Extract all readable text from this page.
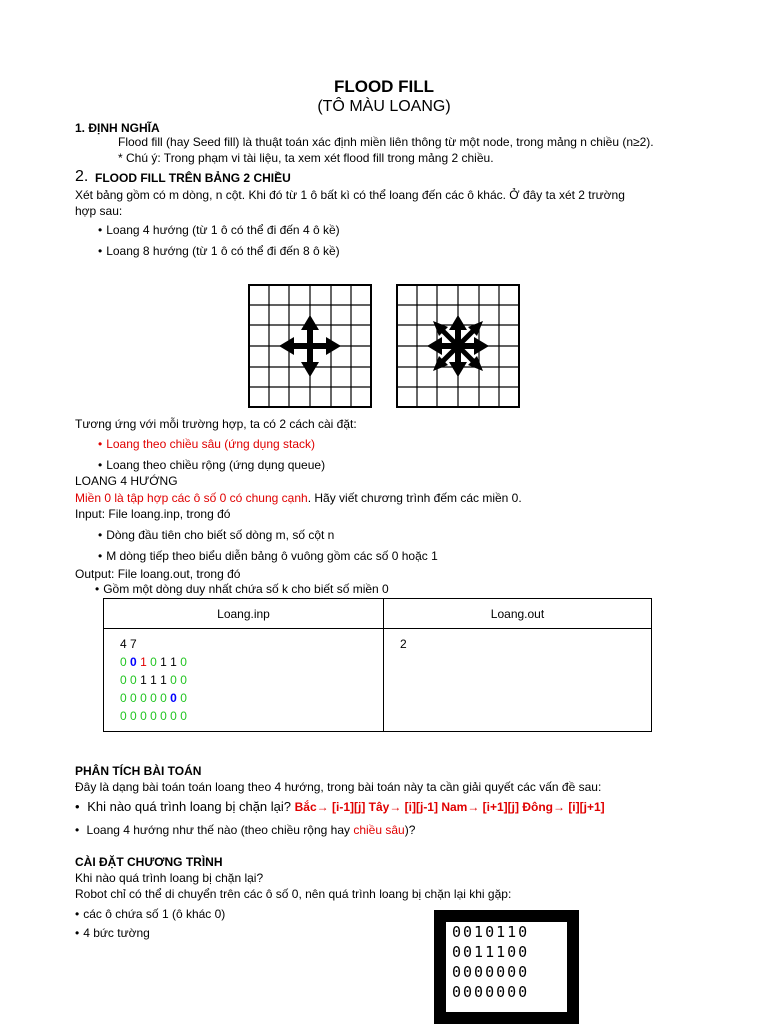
FLOOD FILL
(TÔ MÀU LOANG)
1. ĐỊNH NGHĨA
Flood fill (hay Seed fill) là thuật toán xác định miền liên thông từ một node, trong mảng n chiều (n≥2).
* Chú ý: Trong phạm vi tài liệu, ta xem xét flood fill trong mảng 2 chiều.
2. FLOOD FILL TRÊN BẢNG 2 CHIỀU
Xét bảng gồm có m dòng, n cột. Khi đó từ 1 ô bất kì có thể loang đến các ô khác. Ở đây ta xét 2 trường
hợp sau:
• Loang 4 hướng (từ 1 ô có thể đi đến 4 ô kề)
• Loang 8 hướng (từ 1 ô có thể đi đến 8 ô kề)
Tương ứng với mỗi trường hợp, ta có 2 cách cài đặt:
• Loang theo chiều sâu (ứng dụng stack)
• Loang theo chiều rộng (ứng dụng queue)
LOANG 4 HƯỚNG
Miền 0 là tập hợp các ô số 0 có chung cạnh. Hãy viết chương trình đếm các miền 0.
Input: File loang.inp, trong đó
• Dòng đầu tiên cho biết số dòng m, số cột n
• M dòng tiếp theo biểu diễn bảng ô vuông gồm các số 0 hoặc 1
Output: File loang.out, trong đó
• Gồm một dòng duy nhất chứa số k cho biết số miền 0
Loang.inp	Loang.out

4 7
0 0 1 0 1 1 0
0 0 1 1 1 0 0
0 0 0 0 0 0 0
0 0 0 0 0 0 0	2
PHÂN TÍCH BÀI TOÁN
Đây là dạng bài toán toán loang theo 4 hướng, trong bài toán này ta cần giải quyết các vấn đề sau:
• Khi nào quá trình loang bị chặn lại? Bắc→ [i-1][j] Tây→ [i][j-1] Nam→ [i+1][j] Đông→ [i][j+1]
• Loang 4 hướng như thế nào (theo chiều rộng hay chiều sâu)?
CÀI ĐẶT CHƯƠNG TRÌNH
Khi nào quá trình loang bị chặn lại?
Robot chỉ có thể di chuyển trên các ô số 0, nên quá trình loang bị chặn lại khi gặp:
• các ô chứa số 1 (ô khác 0)
• 4 bức tường	0010110
0011100
0000000
0000000
